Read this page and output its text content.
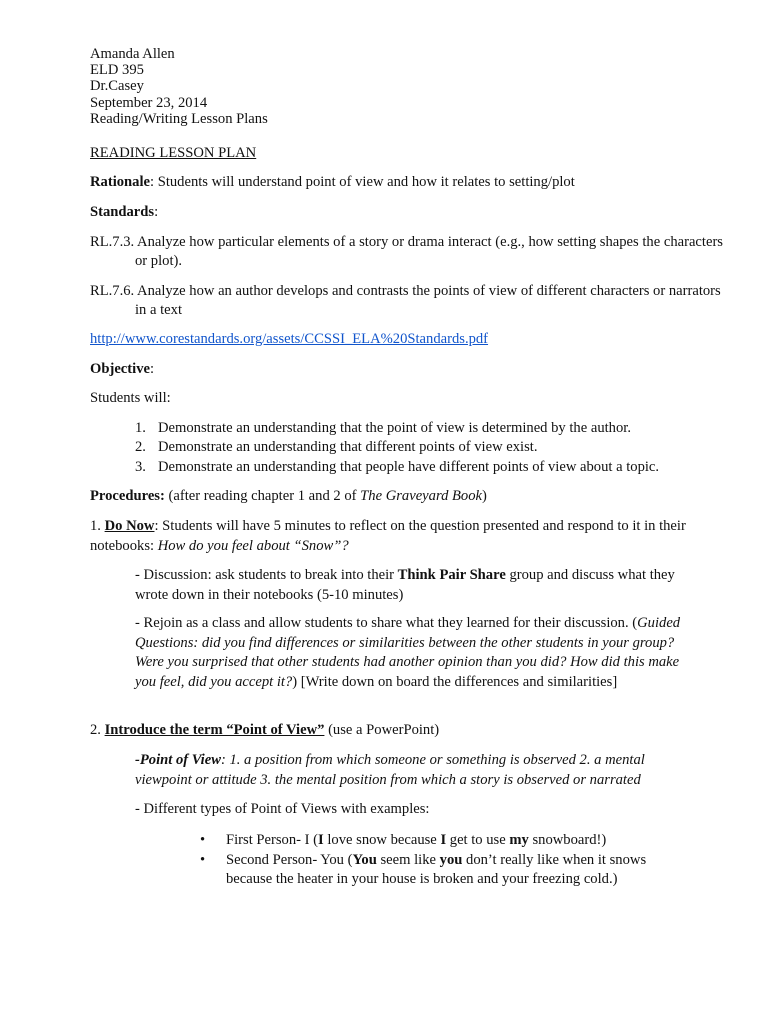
Amanda Allen
ELD 395
Dr.Casey
September 23, 2014
Reading/Writing Lesson Plans
READING LESSON PLAN
Rationale: Students will understand point of view and how it relates to setting/plot
Standards:
RL.7.3. Analyze how particular elements of a story or drama interact (e.g., how setting shapes the characters or plot).
RL.7.6. Analyze how an author develops and contrasts the points of view of different characters or narrators in a text
http://www.corestandards.org/assets/CCSSI_ELA%20Standards.pdf
Objective:
Students will:
1. Demonstrate an understanding that the point of view is determined by the author.
2. Demonstrate an understanding that different points of view exist.
3. Demonstrate an understanding that people have different points of view about a topic.
Procedures: (after reading chapter 1 and 2 of The Graveyard Book)
1. Do Now: Students will have 5 minutes to reflect on the question presented and respond to it in their notebooks: How do you feel about “Snow”?
- Discussion: ask students to break into their Think Pair Share group and discuss what they wrote down in their notebooks (5-10 minutes)
- Rejoin as a class and allow students to share what they learned for their discussion. (Guided Questions: did you find differences or similarities between the other students in your group? Were you surprised that other students had another opinion than you did? How did this make you feel, did you accept it?) [Write down on board the differences and similarities]
2. Introduce the term “Point of View” (use a PowerPoint)
-Point of View: 1. a position from which someone or something is observed 2. a mental viewpoint or attitude 3. the mental position from which a story is observed or narrated
- Different types of Point of Views with examples:
• First Person- I (I love snow because I get to use my snowboard!)
• Second Person- You (You seem like you don’t really like when it snows because the heater in your house is broken and your freezing cold.)
